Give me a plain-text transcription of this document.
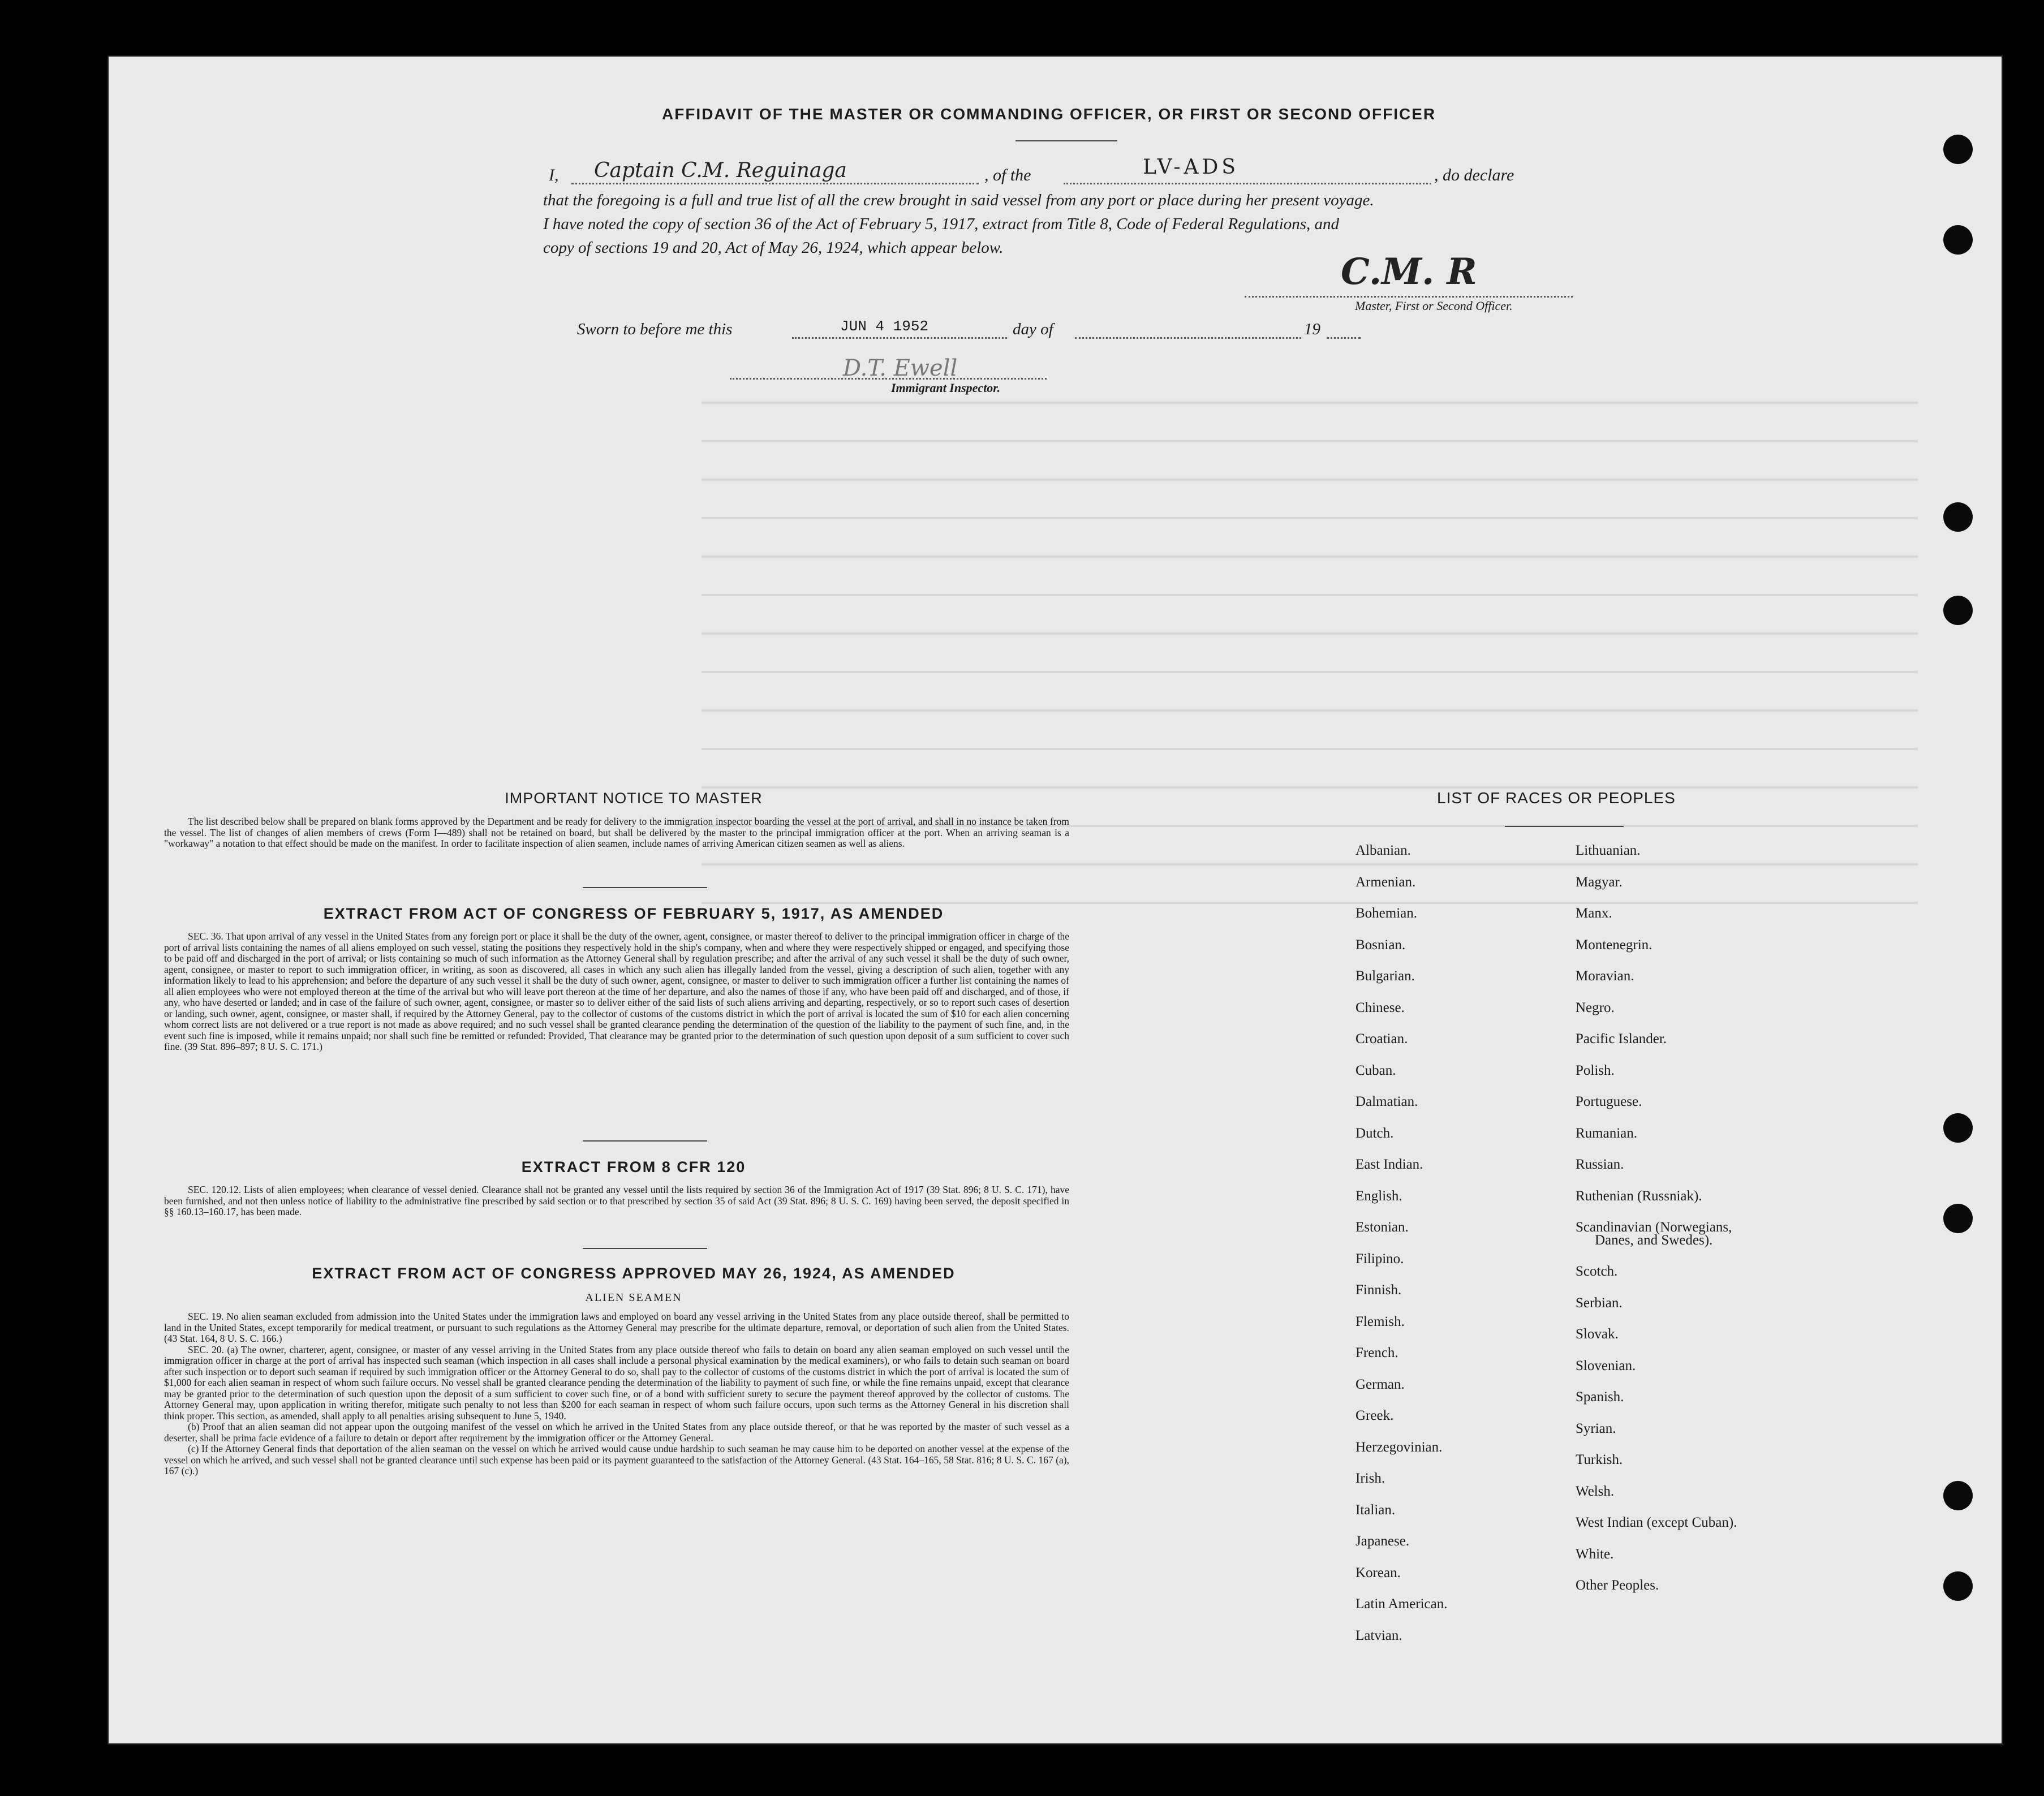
AFFIDAVIT OF THE MASTER OR COMMANDING OFFICER, OR FIRST OR SECOND OFFICER
I, Captain C.M. Reguinaga	, of the	LV-ADS	, do declare
that the foregoing is a full and true list of all the crew brought in said vessel from any port or place during her present voyage.
I have noted the copy of section 36 of the Act of February 5, 1917, extract from Title 8, Code of Federal Regulations, and
copy of sections 19 and 20, Act of May 26, 1924, which appear below.
C.M. R
Master, First or Second Officer.
Sworn to before me this	JUN 4 1952	day of	19
D.T. Ewell
Immigrant Inspector.
IMPORTANT NOTICE TO MASTER

The list described below shall be prepared on blank forms approved by the Department and be ready for delivery to the immigration inspector boarding the vessel at the port of arrival, and shall in no instance be taken from the vessel. The list of changes of alien members of crews (Form I—489) shall not be retained on board, but shall be delivered by the master to the principal immigration officer at the port. When an arriving seaman is a "workaway" a notation to that effect should be made on the manifest. In order to facilitate inspection of alien seamen, include names of arriving American citizen seamen as well as aliens.

EXTRACT FROM ACT OF CONGRESS OF FEBRUARY 5, 1917, AS AMENDED

SEC. 36. That upon arrival of any vessel in the United States from any foreign port or place it shall be the duty of the owner, agent, consignee, or master thereof to deliver to the principal immigration officer in charge of the port of arrival lists containing the names of all aliens employed on such vessel, stating the positions they respectively hold in the ship's company, when and where they were respectively shipped or engaged, and specifying those to be paid off and discharged in the port of arrival; or lists containing so much of such information as the Attorney General shall by regulation prescribe; and after the arrival of any such vessel it shall be the duty of such owner, agent, consignee, or master to report to such immigration officer, in writing, as soon as discovered, all cases in which any such alien has illegally landed from the vessel, giving a description of such alien, together with any information likely to lead to his apprehension; and before the departure of any such vessel it shall be the duty of such owner, agent, consignee, or master to deliver to such immigration officer a further list containing the names of all alien employees who were not employed thereon at the time of the arrival but who will leave port thereon at the time of her departure, and also the names of those if any, who have been paid off and discharged, and of those, if any, who have deserted or landed; and in case of the failure of such owner, agent, consignee, or master so to deliver either of the said lists of such aliens arriving and departing, respectively, or so to report such cases of desertion or landing, such owner, agent, consignee, or master shall, if required by the Attorney General, pay to the collector of customs of the customs district in which the port of arrival is located the sum of $10 for each alien concerning whom correct lists are not delivered or a true report is not made as above required; and no such vessel shall be granted clearance pending the determination of the question of the liability to the payment of such fine, and, in the event such fine is imposed, while it remains unpaid; nor shall such fine be remitted or refunded: Provided, That clearance may be granted prior to the determination of such question upon deposit of a sum sufficient to cover such fine. (39 Stat. 896–897; 8 U. S. C. 171.)

EXTRACT FROM 8 CFR 120

SEC. 120.12. Lists of alien employees; when clearance of vessel denied. Clearance shall not be granted any vessel until the lists required by section 36 of the Immigration Act of 1917 (39 Stat. 896; 8 U. S. C. 171), have been furnished, and not then unless notice of liability to the administrative fine prescribed by said section or to that prescribed by section 35 of said Act (39 Stat. 896; 8 U. S. C. 169) having been served, the deposit specified in §§ 160.13–160.17, has been made.

EXTRACT FROM ACT OF CONGRESS APPROVED MAY 26, 1924, AS AMENDED
ALIEN SEAMEN

SEC. 19. No alien seaman excluded from admission into the United States under the immigration laws and employed on board any vessel arriving in the United States from any place outside thereof, shall be permitted to land in the United States, except temporarily for medical treatment, or pursuant to such regulations as the Attorney General may prescribe for the ultimate departure, removal, or deportation of such alien from the United States. (43 Stat. 164, 8 U. S. C. 166.)

SEC. 20. (a) The owner, charterer, agent, consignee, or master of any vessel arriving in the United States from any place outside thereof who fails to detain on board any alien seaman employed on such vessel until the immigration officer in charge at the port of arrival has inspected such seaman (which inspection in all cases shall include a personal physical examination by the medical examiners), or who fails to detain such seaman on board after such inspection or to deport such seaman if required by such immigration officer or the Attorney General to do so, shall pay to the collector of customs of the customs district in which the port of arrival is located the sum of $1,000 for each alien seaman in respect of whom such failure occurs. No vessel shall be granted clearance pending the determination of the liability to payment of such fine, or while the fine remains unpaid, except that clearance may be granted prior to the determination of such question upon the deposit of a sum sufficient to cover such fine, or of a bond with sufficient surety to secure the payment thereof approved by the collector of customs. The Attorney General may, upon application in writing therefor, mitigate such penalty to not less than $200 for each seaman in respect of whom such failure occurs, upon such terms as the Attorney General in his discretion shall think proper. This section, as amended, shall apply to all penalties arising subsequent to June 5, 1940.

(b) Proof that an alien seaman did not appear upon the outgoing manifest of the vessel on which he arrived in the United States from any place outside thereof, or that he was reported by the master of such vessel as a deserter, shall be prima facie evidence of a failure to detain or deport after requirement by the immigration officer or the Attorney General.

(c) If the Attorney General finds that deportation of the alien seaman on the vessel on which he arrived would cause undue hardship to such seaman he may cause him to be deported on another vessel at the expense of the vessel on which he arrived, and such vessel shall not be granted clearance until such expense has been paid or its payment guaranteed to the satisfaction of the Attorney General. (43 Stat. 164–165, 58 Stat. 816; 8 U. S. C. 167 (a), 167 (c).)

LIST OF RACES OR PEOPLES
Albanian.
Armenian.
Bohemian.
Bosnian.
Bulgarian.
Chinese.
Croatian.
Cuban.
Dalmatian.
Dutch.
East Indian.
English.
Estonian.
Filipino.
Finnish.
Flemish.
French.
German.
Greek.
Herzegovinian.
Irish.
Italian.
Japanese.
Korean.
Latin American.
Latvian.
Lithuanian.
Magyar.
Manx.
Montenegrin.
Moravian.
Negro.
Pacific Islander.
Polish.
Portuguese.
Rumanian.
Russian.
Ruthenian (Russniak).
Scandinavian (Norwegians,
Danes, and Swedes).
Scotch.
Serbian.
Slovak.
Slovenian.
Spanish.
Syrian.
Turkish.
Welsh.
West Indian (except Cuban).
White.
Other Peoples.
